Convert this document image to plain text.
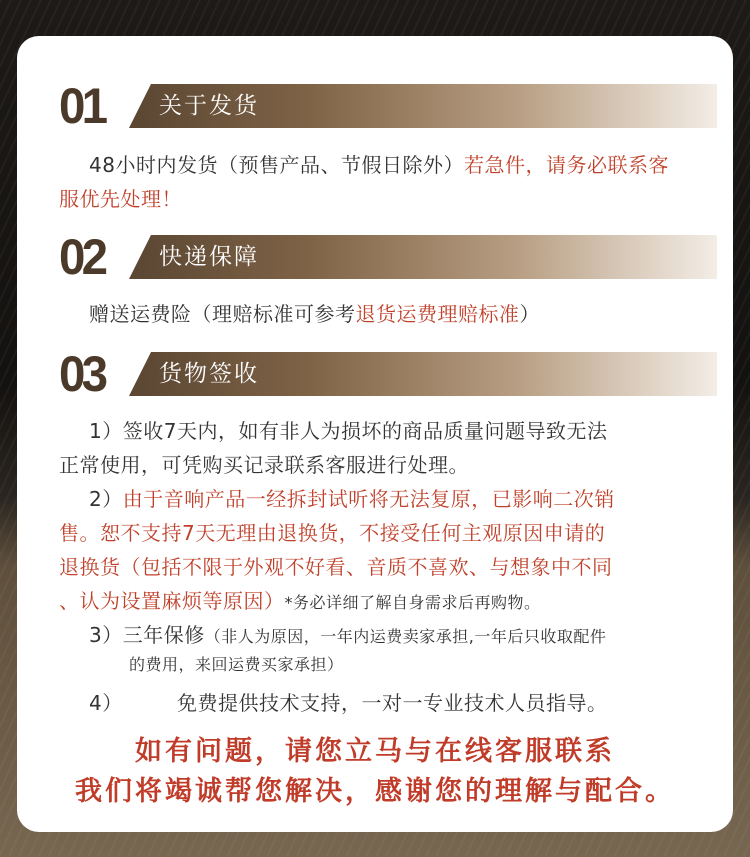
01	关于发货
48小时内发货（预售产品、节假日除外）若急件，请务必联系客
服优先处理！
02	快递保障
赠送运费险（理赔标准可参考退货运费理赔标准）
03	货物签收
1）签收7天内，如有非人为损坏的商品质量问题导致无法
正常使用，可凭购买记录联系客服进行处理。
2）由于音响产品一经拆封试听将无法复原，已影响二次销
售。恕不支持7天无理由退换货，不接受任何主观原因申请的
退换货（包括不限于外观不好看、音质不喜欢、与想象中不同
、认为设置麻烦等原因）*务必详细了解自身需求后再购物。
3）三年保修（非人为原因，一年内运费卖家承担,一年后只收取配件
的费用，来回运费买家承担）
4）	免费提供技术支持，一对一专业技术人员指导。
如有问题，请您立马与在线客服联系
我们将竭诚帮您解决，感谢您的理解与配合。
